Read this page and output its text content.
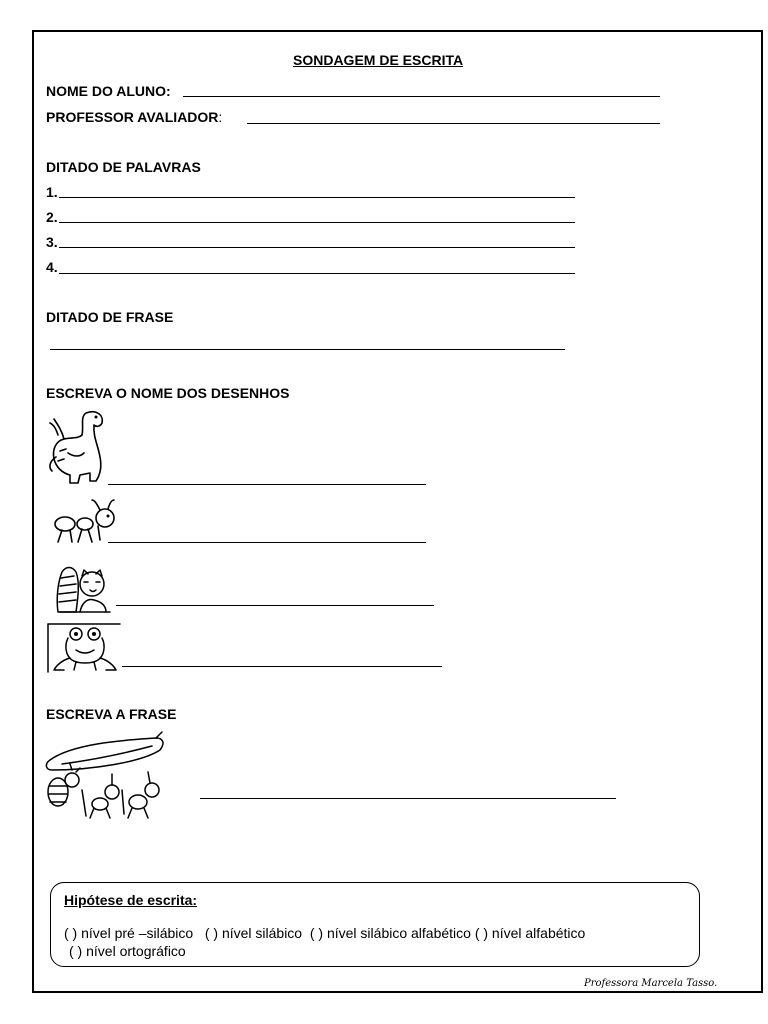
SONDAGEM DE ESCRITA
NOME DO ALUNO:
PROFESSOR AVALIADOR:
DITADO DE PALAVRAS
1.
2.
3.
4.
DITADO DE FRASE
ESCREVA O NOME DOS DESENHOS
ESCREVA A FRASE
Hipótese de escrita:
( ) nível pré –silábico   ( ) nível silábico  ( ) nível silábico alfabético ( ) nível alfabético
( ) nível ortográfico
Professora Marcela Tasso.
